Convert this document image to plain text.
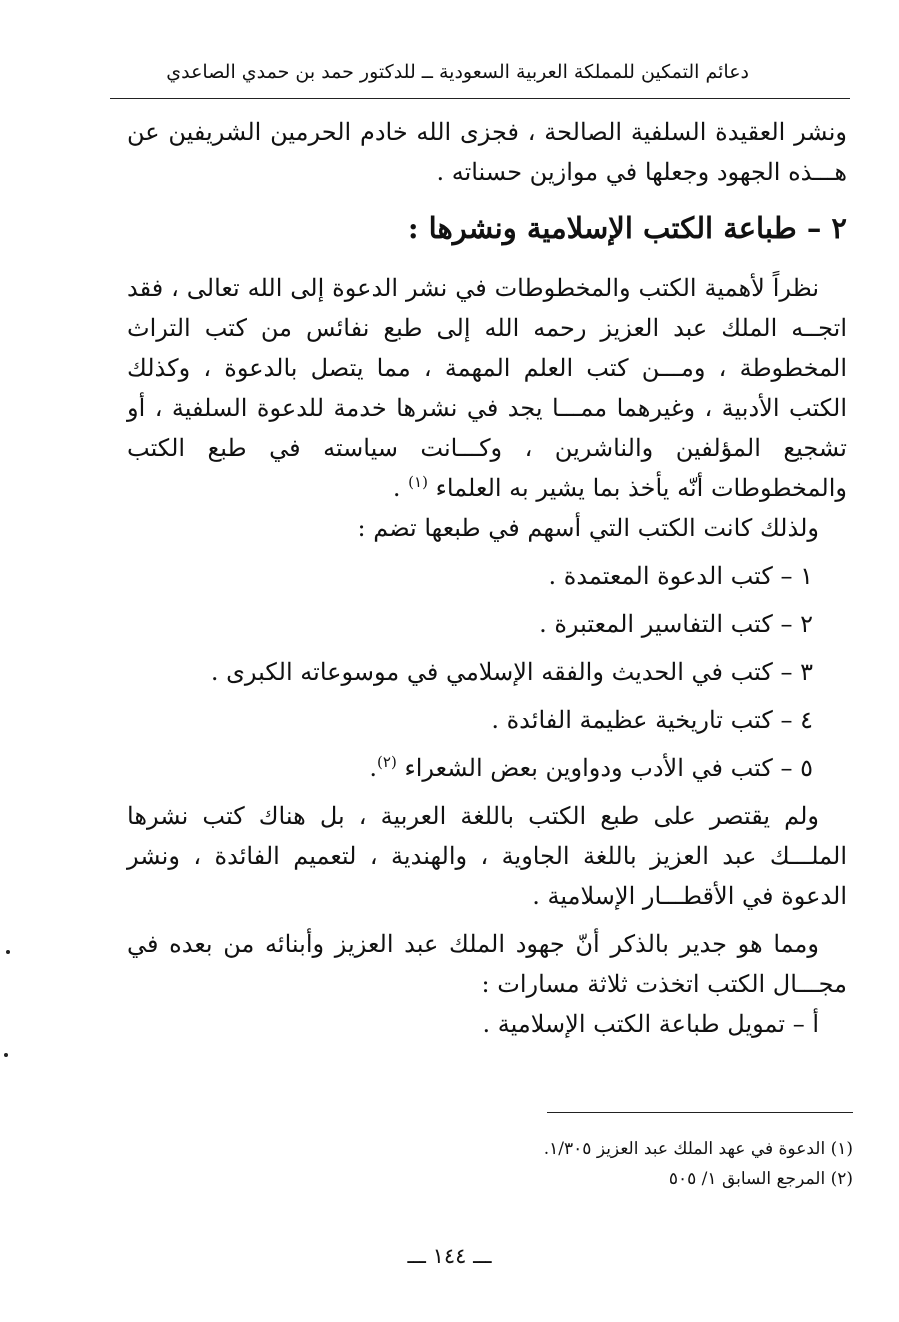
دعائم التمكين للمملكة العربية السعودية ــ للدكتور حمد بن حمدي الصاعدي

ونشر العقيدة السلفية الصالحة ، فجزى الله خادم الحرمين الشريفين عن هـــذه الجهود وجعلها في موازين حسناته .

٢ – طباعة الكتب الإسلامية ونشرها :

نظراً لأهمية الكتب والمخطوطات في نشر الدعوة إلى الله تعالى ، فقد اتجــه الملك عبد العزيز رحمه الله إلى طبع نفائس من كتب التراث المخطوطة ، ومـــن كتب العلم المهمة ، مما يتصل بالدعوة ، وكذلك الكتب الأدبية ، وغيرهما ممـــا يجد في نشرها خدمة للدعوة السلفية ، أو تشجيع المؤلفين والناشرين ، وكـــانت سياسته في طبع الكتب والمخطوطات أنّه يأخذ بما يشير به العلماء $^{(١)}$ .

ولذلك كانت الكتب التي أسهم في طبعها تضم :

١ – كتب الدعوة المعتمدة .
٢ – كتب التفاسير المعتبرة .
٣ – كتب في الحديث والفقه الإسلامي في موسوعاته الكبرى .
٤ – كتب تاريخية عظيمة الفائدة .
٥ – كتب في الأدب ودواوين بعض الشعراء $^{(٢)}$.

ولم يقتصر على طبع الكتب باللغة العربية ، بل هناك كتب نشرها الملـــك عبد العزيز باللغة الجاوية ، والهندية ، لتعميم الفائدة ، ونشر الدعوة في الأقطـــار الإسلامية .

ومما هو جدير بالذكر أنّ جهود الملك عبد العزيز وأبنائه من بعده في مجـــال الكتب اتخذت ثلاثة مسارات :

أ – تمويل طباعة الكتب الإسلامية .

(١) الدعوة في عهد الملك عبد العزيز ١/٣٠٥.

(٢) المرجع السابق ١/ ٥٠٥

ـــ ١٤٤ ـــ
